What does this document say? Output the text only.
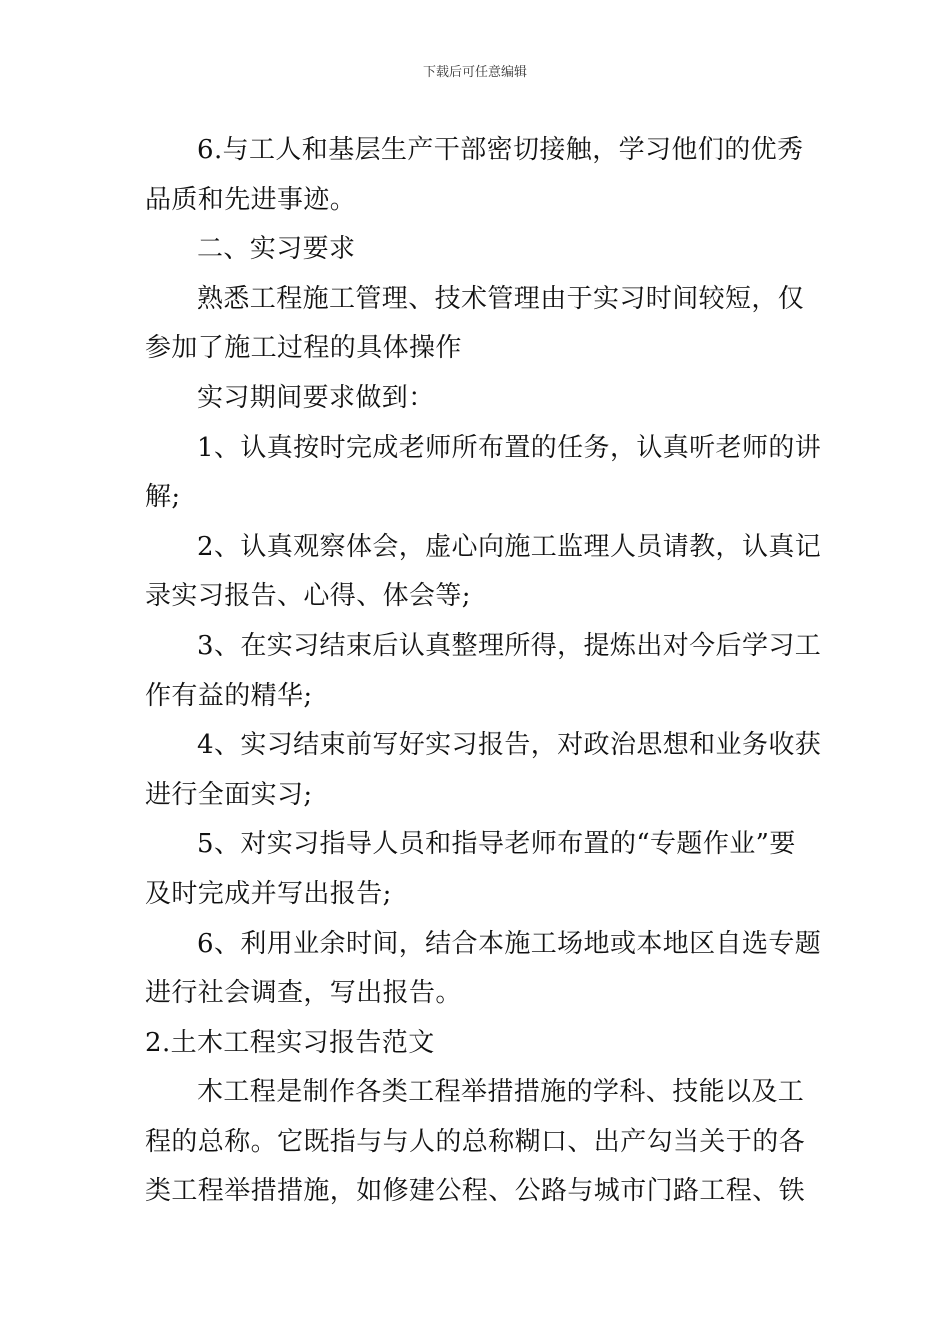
下载后可任意编辑

6.与工人和基层生产干部密切接触，学习他们的优秀

品质和先进事迹。

二、实习要求

熟悉工程施工管理、技术管理由于实习时间较短，仅

参加了施工过程的具体操作

实习期间要求做到：

1、认真按时完成老师所布置的任务，认真听老师的讲

解;

2、认真观察体会，虚心向施工监理人员请教，认真记

录实习报告、心得、体会等;

3、在实习结束后认真整理所得，提炼出对今后学习工

作有益的精华;

4、实习结束前写好实习报告，对政治思想和业务收获

进行全面实习;

5、对实习指导人员和指导老师布置的“专题作业”要

及时完成并写出报告;

6、利用业余时间，结合本施工场地或本地区自选专题

进行社会调查，写出报告。

2.土木工程实习报告范文

木工程是制作各类工程举措措施的学科、技能以及工

程的总称。它既指与与人的总称糊口、出产勾当关于的各

类工程举措措施，如修建公程、公路与城市门路工程、铁
